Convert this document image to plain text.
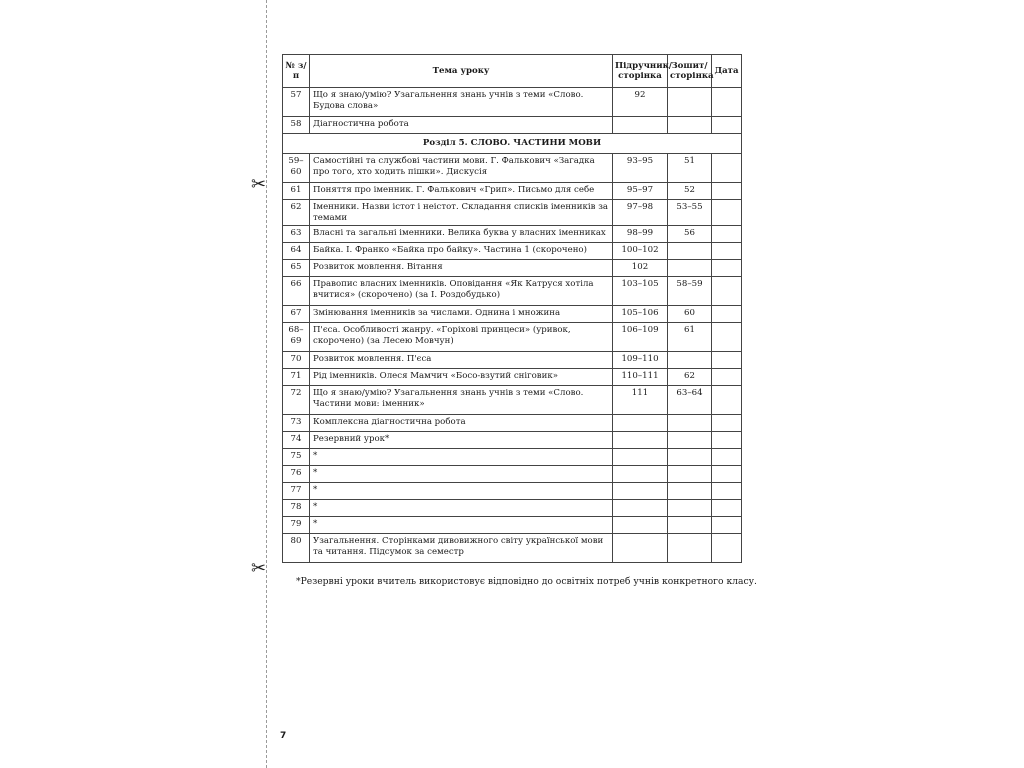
✂
✂
№ з/п	Тема уроку	Підручник/ сторінка	Зошит/ сторінка	Дата
57	Що я знаю/умію? Узагальнення знань учнів з теми «Слово. Будова слова»	92		
58	Діагностична робота			
Розділ 5. СЛОВО. ЧАСТИНИ МОВИ				
59–60	Самостійні та службові частини мови. Г. Фалькович «Загадка про того, хто ходить пішки». Дискусія	93–95	51	
61	Поняття про іменник. Г. Фалькович «Грип». Письмо для себе	95–97	52	
62	Іменники. Назви істот і неістот. Складання списків іменників за темами	97–98	53–55	
63	Власні та загальні іменники. Велика буква у власних іменниках	98–99	56	
64	Байка. І. Франко «Байка про байку». Частина 1 (скорочено)	100–102		
65	Розвиток мовлення. Вітання	102		
66	Правопис власних іменників. Оповідання «Як Катруся хотіла вчитися» (скорочено) (за І. Роздобудько)	103–105	58–59	
67	Змінювання іменників за числами. Однина і множина	105–106	60	
68–69	П'єса. Особливості жанру. «Горіхові принцеси» (уривок, скорочено) (за Лесею Мовчун)	106–109	61	
70	Розвиток мовлення. П'єса	109–110		
71	Рід іменників. Олеся Мамчич «Босо-взутий сніговик»	110–111	62	
72	Що я знаю/умію? Узагальнення знань учнів з теми «Слово. Частини мови: іменник»	111	63–64	
73	Комплексна діагностична робота			
74	Резервний урок*			
75	*			
76	*			
77	*			
78	*			
79	*			
80	Узагальнення. Сторінками дивовижного світу української мови та читання. Підсумок за семестр			
*Резервні уроки вчитель використовує відповідно до освітніх потреб учнів конкретного класу.
7
